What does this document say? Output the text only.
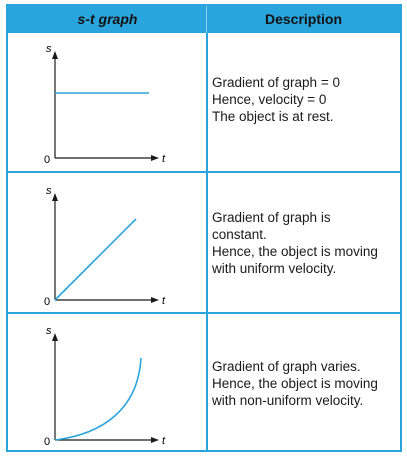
s-t graph	Description
s
t
0
Gradient of graph = 0
Hence, velocity = 0
The object is at rest.
s
t
0
Gradient of graph is
constant.
Hence, the object is moving
with uniform velocity.
s
t
0
Gradient of graph varies.
Hence, the object is moving
with non-uniform velocity.
